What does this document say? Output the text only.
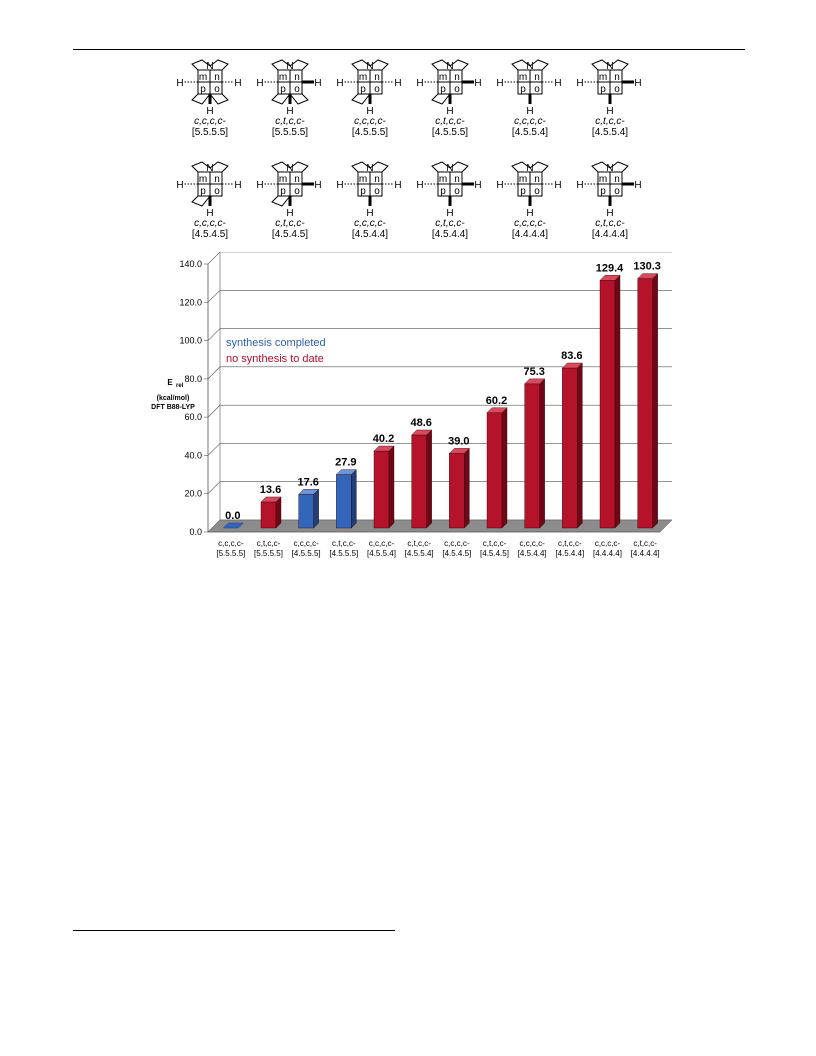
N
m n
p o
H	H
H
c,c,c,c-
[5.5.5.5]
N
m n
p o
H	H
H
c,t,c,c-
[5.5.5.5]
N
m n
p o
H	H
H
c,c,c,c-
[4.5.5.5]
N
m n
p o
H	H
H
c,t,c,c-
[4.5.5.5]
N
m n
p o
H	H
H
c,c,c,c-
[4.5.5.4]
N
m n
p o
H	H
H
c,t,c,c-
[4.5.5.4]
N
m n
p o
H	H
H
c,c,c,c-
[4.5.4.5]
N
m n
p o
H	H
H
c,t,c,c-
[4.5.4.5]
N
m n
p o
H	H
H
c,c,c,c-
[4.5.4.4]
N
m n
p o
H	H
H
c,t,c,c-
[4.5.4.4]
N
m n
p o
H	H
H
c,c,c,c-
[4.4.4.4]
N
m n
p o
H	H
H
c,t,c,c-
[4.4.4.4]
0.0
20.0
40.0
60.0
80.0
100.0
120.0
140.0
0.0
c,c,c,c-
[5.5.5.5]
13.6
c,t,c,c-
[5.5.5.5]
17.6
c,c,c,c-
[4.5.5.5]
27.9
c,t,c,c-
[4.5.5.5]
40.2
c,c,c,c-
[4.5.5.4]
48.6
c,t,c,c-
[4.5.5.4]
39.0
c,c,c,c-
[4.5.4.5]
60.2
c,t,c,c-
[4.5.4.5]
75.3
c,c,c,c-
[4.5.4.4]
83.6
c,t,c,c-
[4.5.4.4]
129.4
c,c,c,c-
[4.4.4.4]
130.3
c,t,c,c-
[4.4.4.4]
synthesis completed
no synthesis to date
E rel
(kcal/mol)
DFT B88-LYP
